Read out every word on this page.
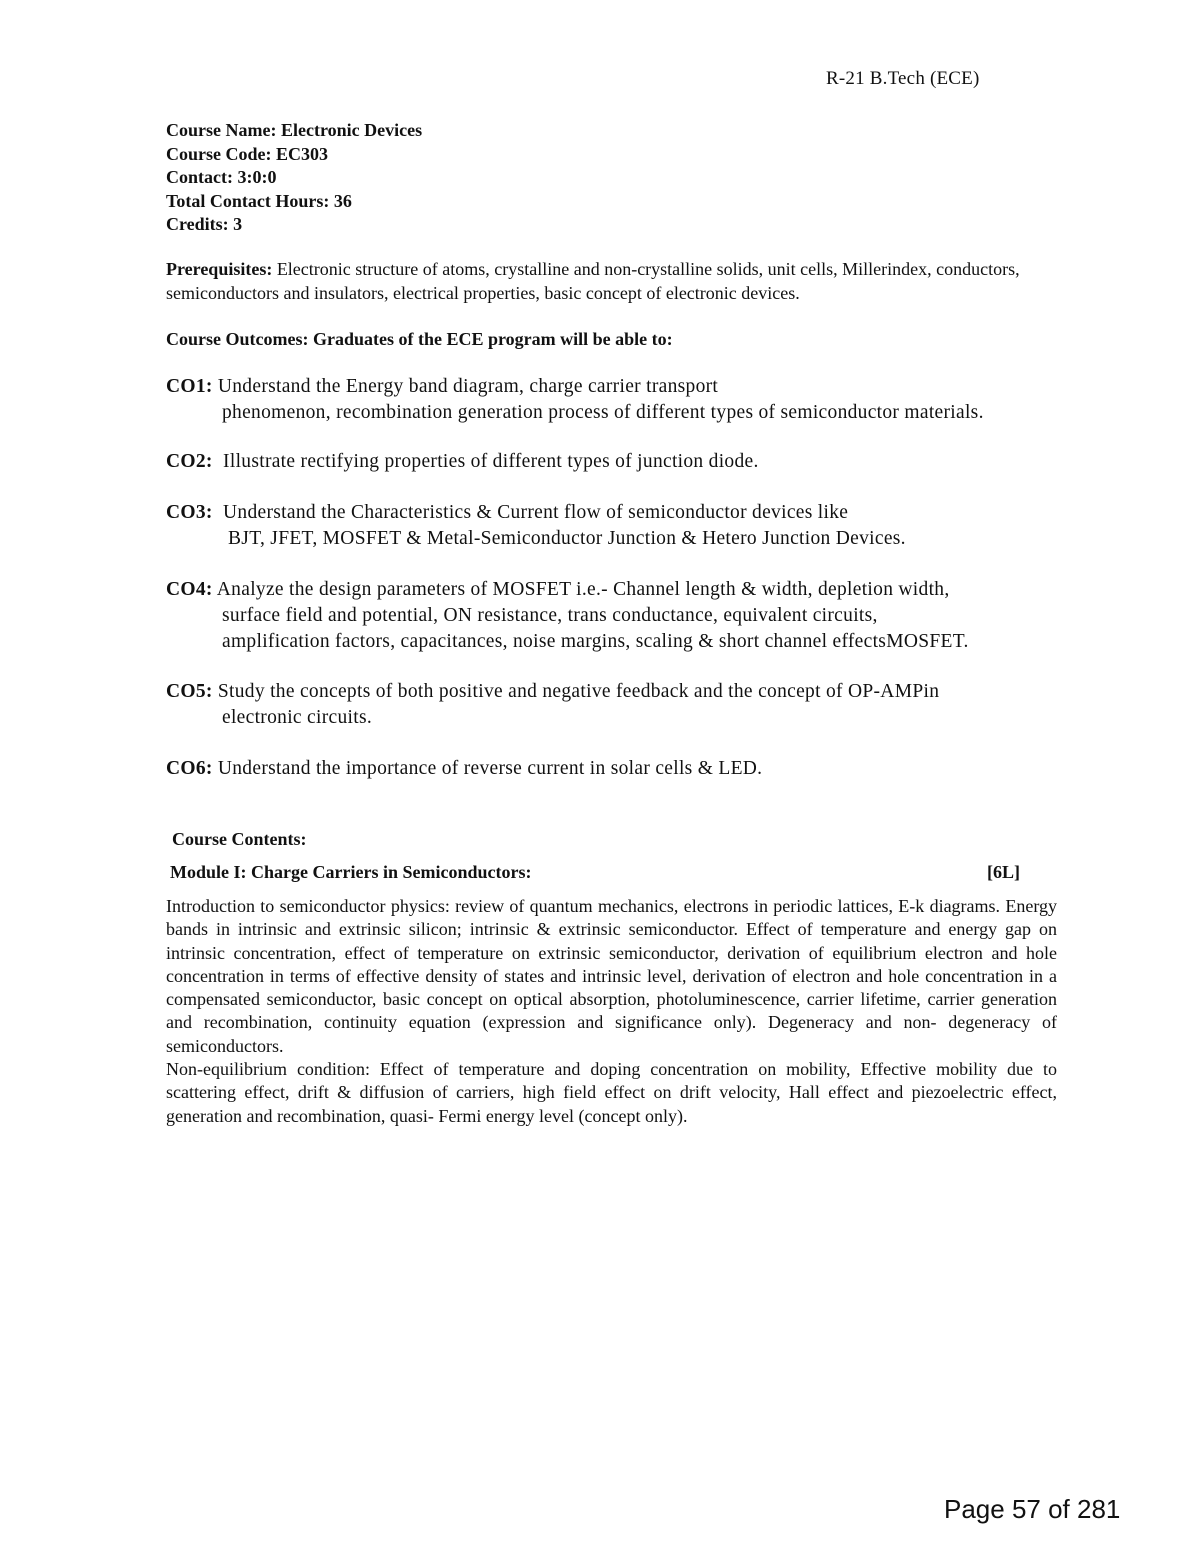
R-21 B.Tech (ECE)
Course Name: Electronic Devices
Course Code: EC303
Contact: 3:0:0
Total Contact Hours: 36
Credits: 3
Prerequisites: Electronic structure of atoms, crystalline and non-crystalline solids, unit cells, Millerindex, conductors, semiconductors and insulators, electrical properties, basic concept of electronic devices.
Course Outcomes: Graduates of the ECE program will be able to:
CO1: Understand the Energy band diagram, charge carrier transport
phenomenon, recombination generation process of different types of semiconductor materials.
CO2:  Illustrate rectifying properties of different types of junction diode.
CO3:  Understand the Characteristics & Current flow of semiconductor devices like
BJT, JFET, MOSFET & Metal-Semiconductor Junction & Hetero Junction Devices.
CO4: Analyze the design parameters of MOSFET i.e.- Channel length & width, depletion width,
surface field and potential, ON resistance, trans conductance, equivalent circuits,
amplification factors, capacitances, noise margins, scaling & short channel effectsMOSFET.
CO5: Study the concepts of both positive and negative feedback and the concept of OP-AMPin
electronic circuits.
CO6: Understand the importance of reverse current in solar cells & LED.
Course Contents:
Module I: Charge Carriers in Semiconductors:	[6L]

Introduction to semiconductor physics: review of quantum mechanics, electrons in periodic lattices, E-k diagrams. Energy bands in intrinsic and extrinsic silicon; intrinsic & extrinsic semiconductor. Effect of temperature and energy gap on intrinsic concentration, effect of temperature on extrinsic semiconductor, derivation of equilibrium electron and hole concentration in terms of effective density of states and intrinsic level, derivation of electron and hole concentration in a compensated semiconductor, basic concept on optical absorption, photoluminescence, carrier lifetime, carrier generation and recombination, continuity equation (expression and significance only). Degeneracy and non- degeneracy of semiconductors.

Non-equilibrium condition: Effect of temperature and doping concentration on mobility, Effective mobility due to scattering effect, drift & diffusion of carriers, high field effect on drift velocity, Hall effect and piezoelectric effect, generation and recombination, quasi- Fermi energy level (concept only).

Page 57 of 281
